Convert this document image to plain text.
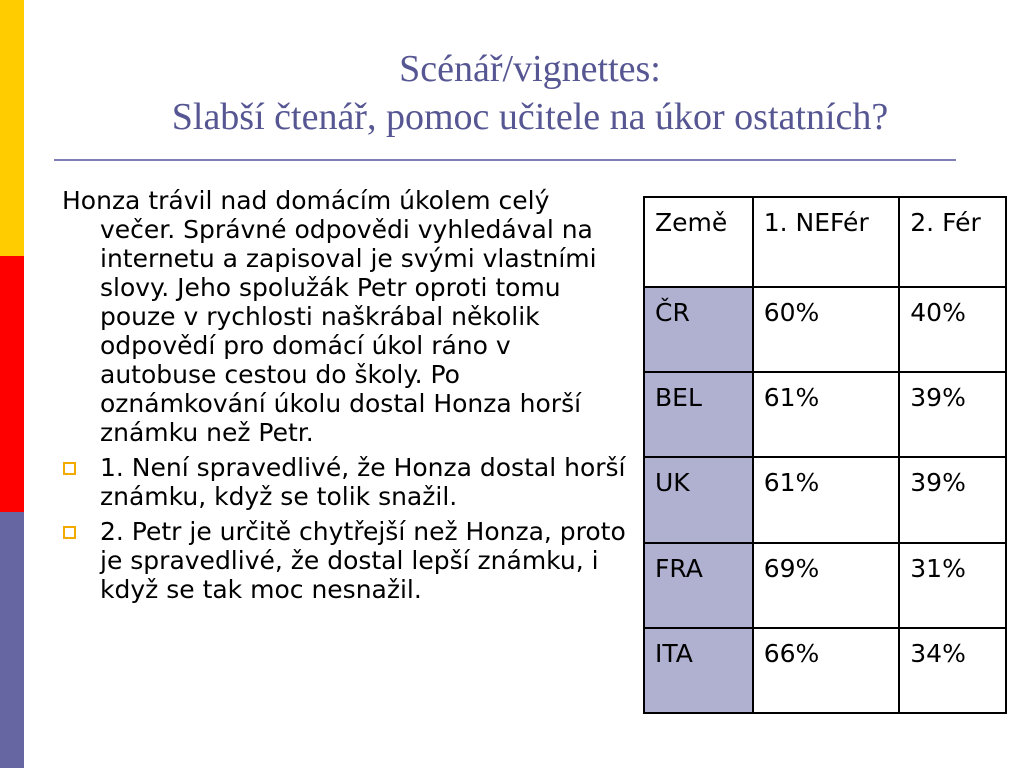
Scénář/vignettes:
Slabší čtenář, pomoc učitele na úkor ostatních?

Honza trávil nad domácím úkolem celý večer. Správné odpovědi vyhledával na internetu a zapisoval je svými vlastními slovy. Jeho spolužák Petr oproti tomu pouze v rychlosti naškrábal několik odpovědí pro domácí úkol ráno v autobuse cestou do školy. Po oznámkování úkolu dostal Honza horší známku než Petr.

1. Není spravedlivé, že Honza dostal horší známku, když se tolik snažil.
2. Petr je určitě chytřejší než Honza, proto je spravedlivé, že dostal lepší známku, i když se tak moc nesnažil.
Země	1. NEFér	2. Fér
ČR	60%	40%
BEL	61%	39%
UK	61%	39%
FRA	69%	31%
ITA	66%	34%
